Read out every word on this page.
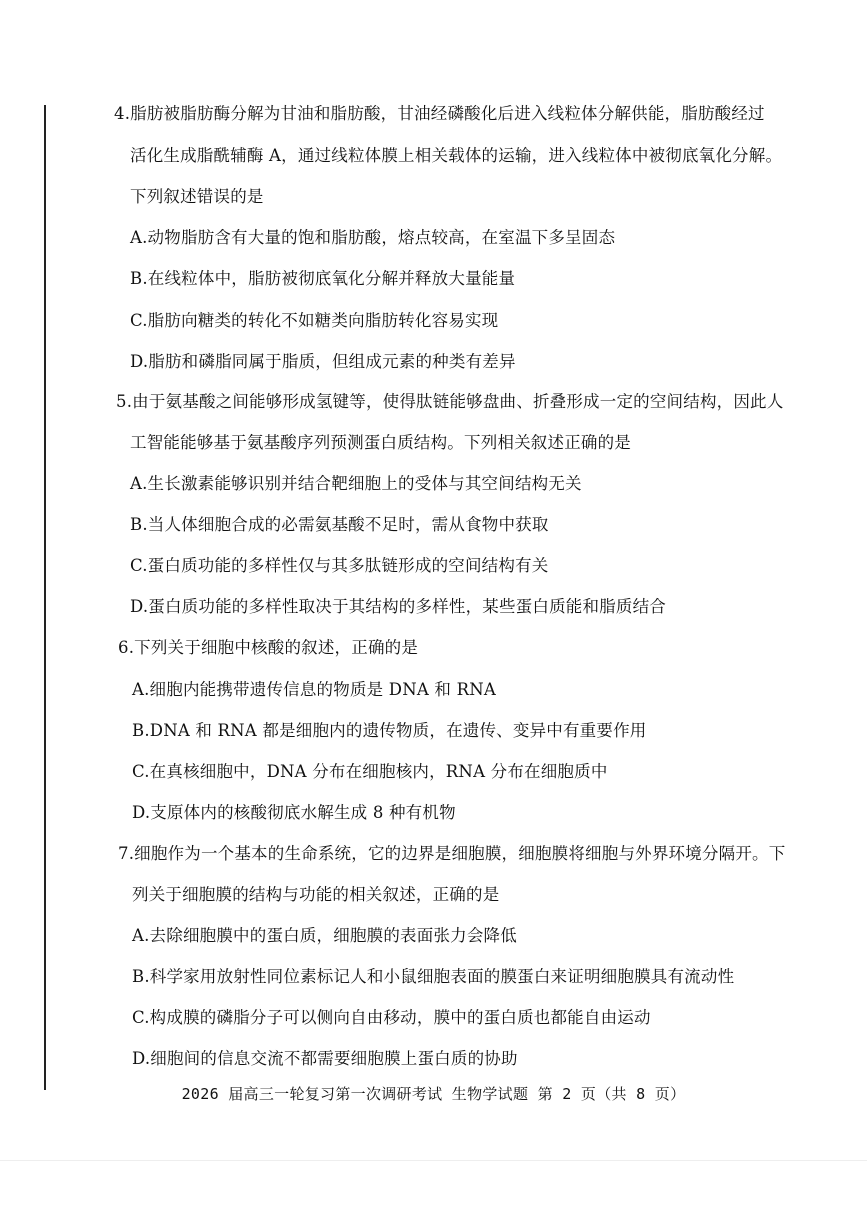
4.脂肪被脂肪酶分解为甘油和脂肪酸，甘油经磷酸化后进入线粒体分解供能，脂肪酸经过
活化生成脂酰辅酶 A，通过线粒体膜上相关载体的运输，进入线粒体中被彻底氧化分解。
下列叙述错误的是
A.动物脂肪含有大量的饱和脂肪酸，熔点较高，在室温下多呈固态
B.在线粒体中，脂肪被彻底氧化分解并释放大量能量
C.脂肪向糖类的转化不如糖类向脂肪转化容易实现
D.脂肪和磷脂同属于脂质，但组成元素的种类有差异
5.由于氨基酸之间能够形成氢键等，使得肽链能够盘曲、折叠形成一定的空间结构，因此人
工智能能够基于氨基酸序列预测蛋白质结构。下列相关叙述正确的是
A.生长激素能够识别并结合靶细胞上的受体与其空间结构无关
B.当人体细胞合成的必需氨基酸不足时，需从食物中获取
C.蛋白质功能的多样性仅与其多肽链形成的空间结构有关
D.蛋白质功能的多样性取决于其结构的多样性，某些蛋白质能和脂质结合
6.下列关于细胞中核酸的叙述，正确的是
A.细胞内能携带遗传信息的物质是 DNA 和 RNA
B.DNA 和 RNA 都是细胞内的遗传物质，在遗传、变异中有重要作用
C.在真核细胞中，DNA 分布在细胞核内，RNA 分布在细胞质中
D.支原体内的核酸彻底水解生成 8 种有机物
7.细胞作为一个基本的生命系统，它的边界是细胞膜，细胞膜将细胞与外界环境分隔开。下
列关于细胞膜的结构与功能的相关叙述，正确的是
A.去除细胞膜中的蛋白质，细胞膜的表面张力会降低
B.科学家用放射性同位素标记人和小鼠细胞表面的膜蛋白来证明细胞膜具有流动性
C.构成膜的磷脂分子可以侧向自由移动，膜中的蛋白质也都能自由运动
D.细胞间的信息交流不都需要细胞膜上蛋白质的协助
2026 届高三一轮复习第一次调研考试 生物学试题 第 2 页（共 8 页）
